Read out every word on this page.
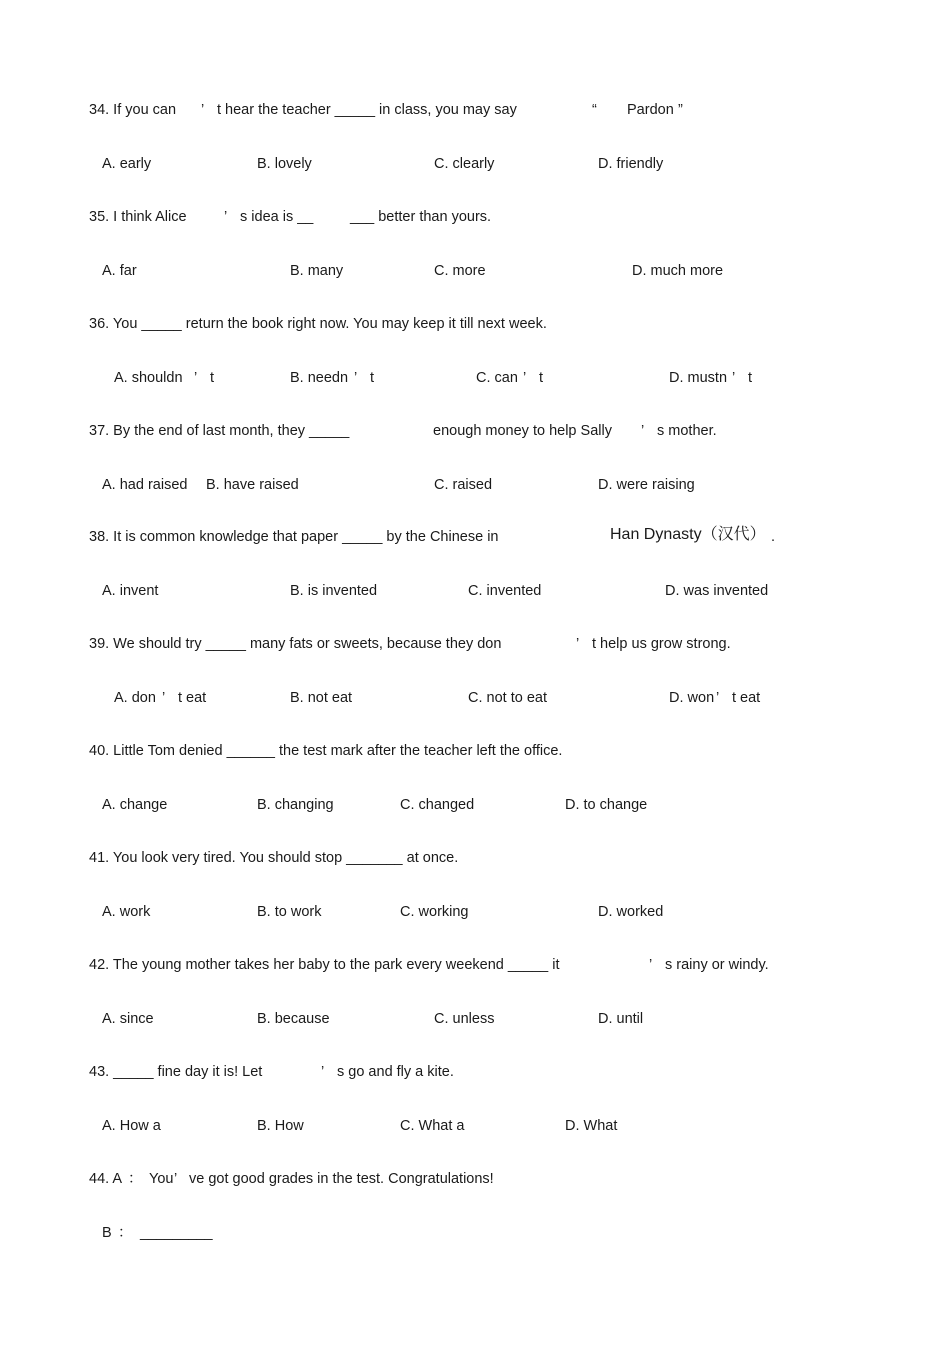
34. If you can ’ t hear the teacher _____ in class, you may say	“ Pardon ”
A. early	B. lovely	C. clearly	D. friendly
35. I think Alice	’ s idea is __	___ better than yours.
A. far	B. many	C. more	D. much more
36. You _____ return the book right now. You may keep it till next week.
A. shouldn ’ t	B. needn ’ t	C. can ’ t	D. mustn ’ t
37. By the end of last month, they _____	enough money to help Sally ’ s mother.
A. had raised B. have raised	C. raised	D. were raising
38. It is common knowledge that paper _____ by the Chinese in	Han Dynasty（汉代） .
A. invent	B. is invented	C. invented	D. was invented
39. We should try _____ many fats or sweets, because they don	’ t help us grow strong.
A. don ’ t eat	B. not eat	C. not to eat	D. won ’ t eat
40. Little Tom denied ______ the test mark after the teacher left the office.
A. change	B. changing	C. changed	D. to change
41. You look very tired. You should stop _______ at once.
A. work	B. to work	C. working	D. worked
42. The young mother takes her baby to the park every weekend _____ it	’ s rainy or windy.
A. since	B. because	C. unless	D. until
43. _____ fine day it is! Let	’ s go and fly a kite.
A. How a	B. How	C. What a	D. What
44. A ： You ’ ve got good grades in the test. Congratulations!
B ： _________
